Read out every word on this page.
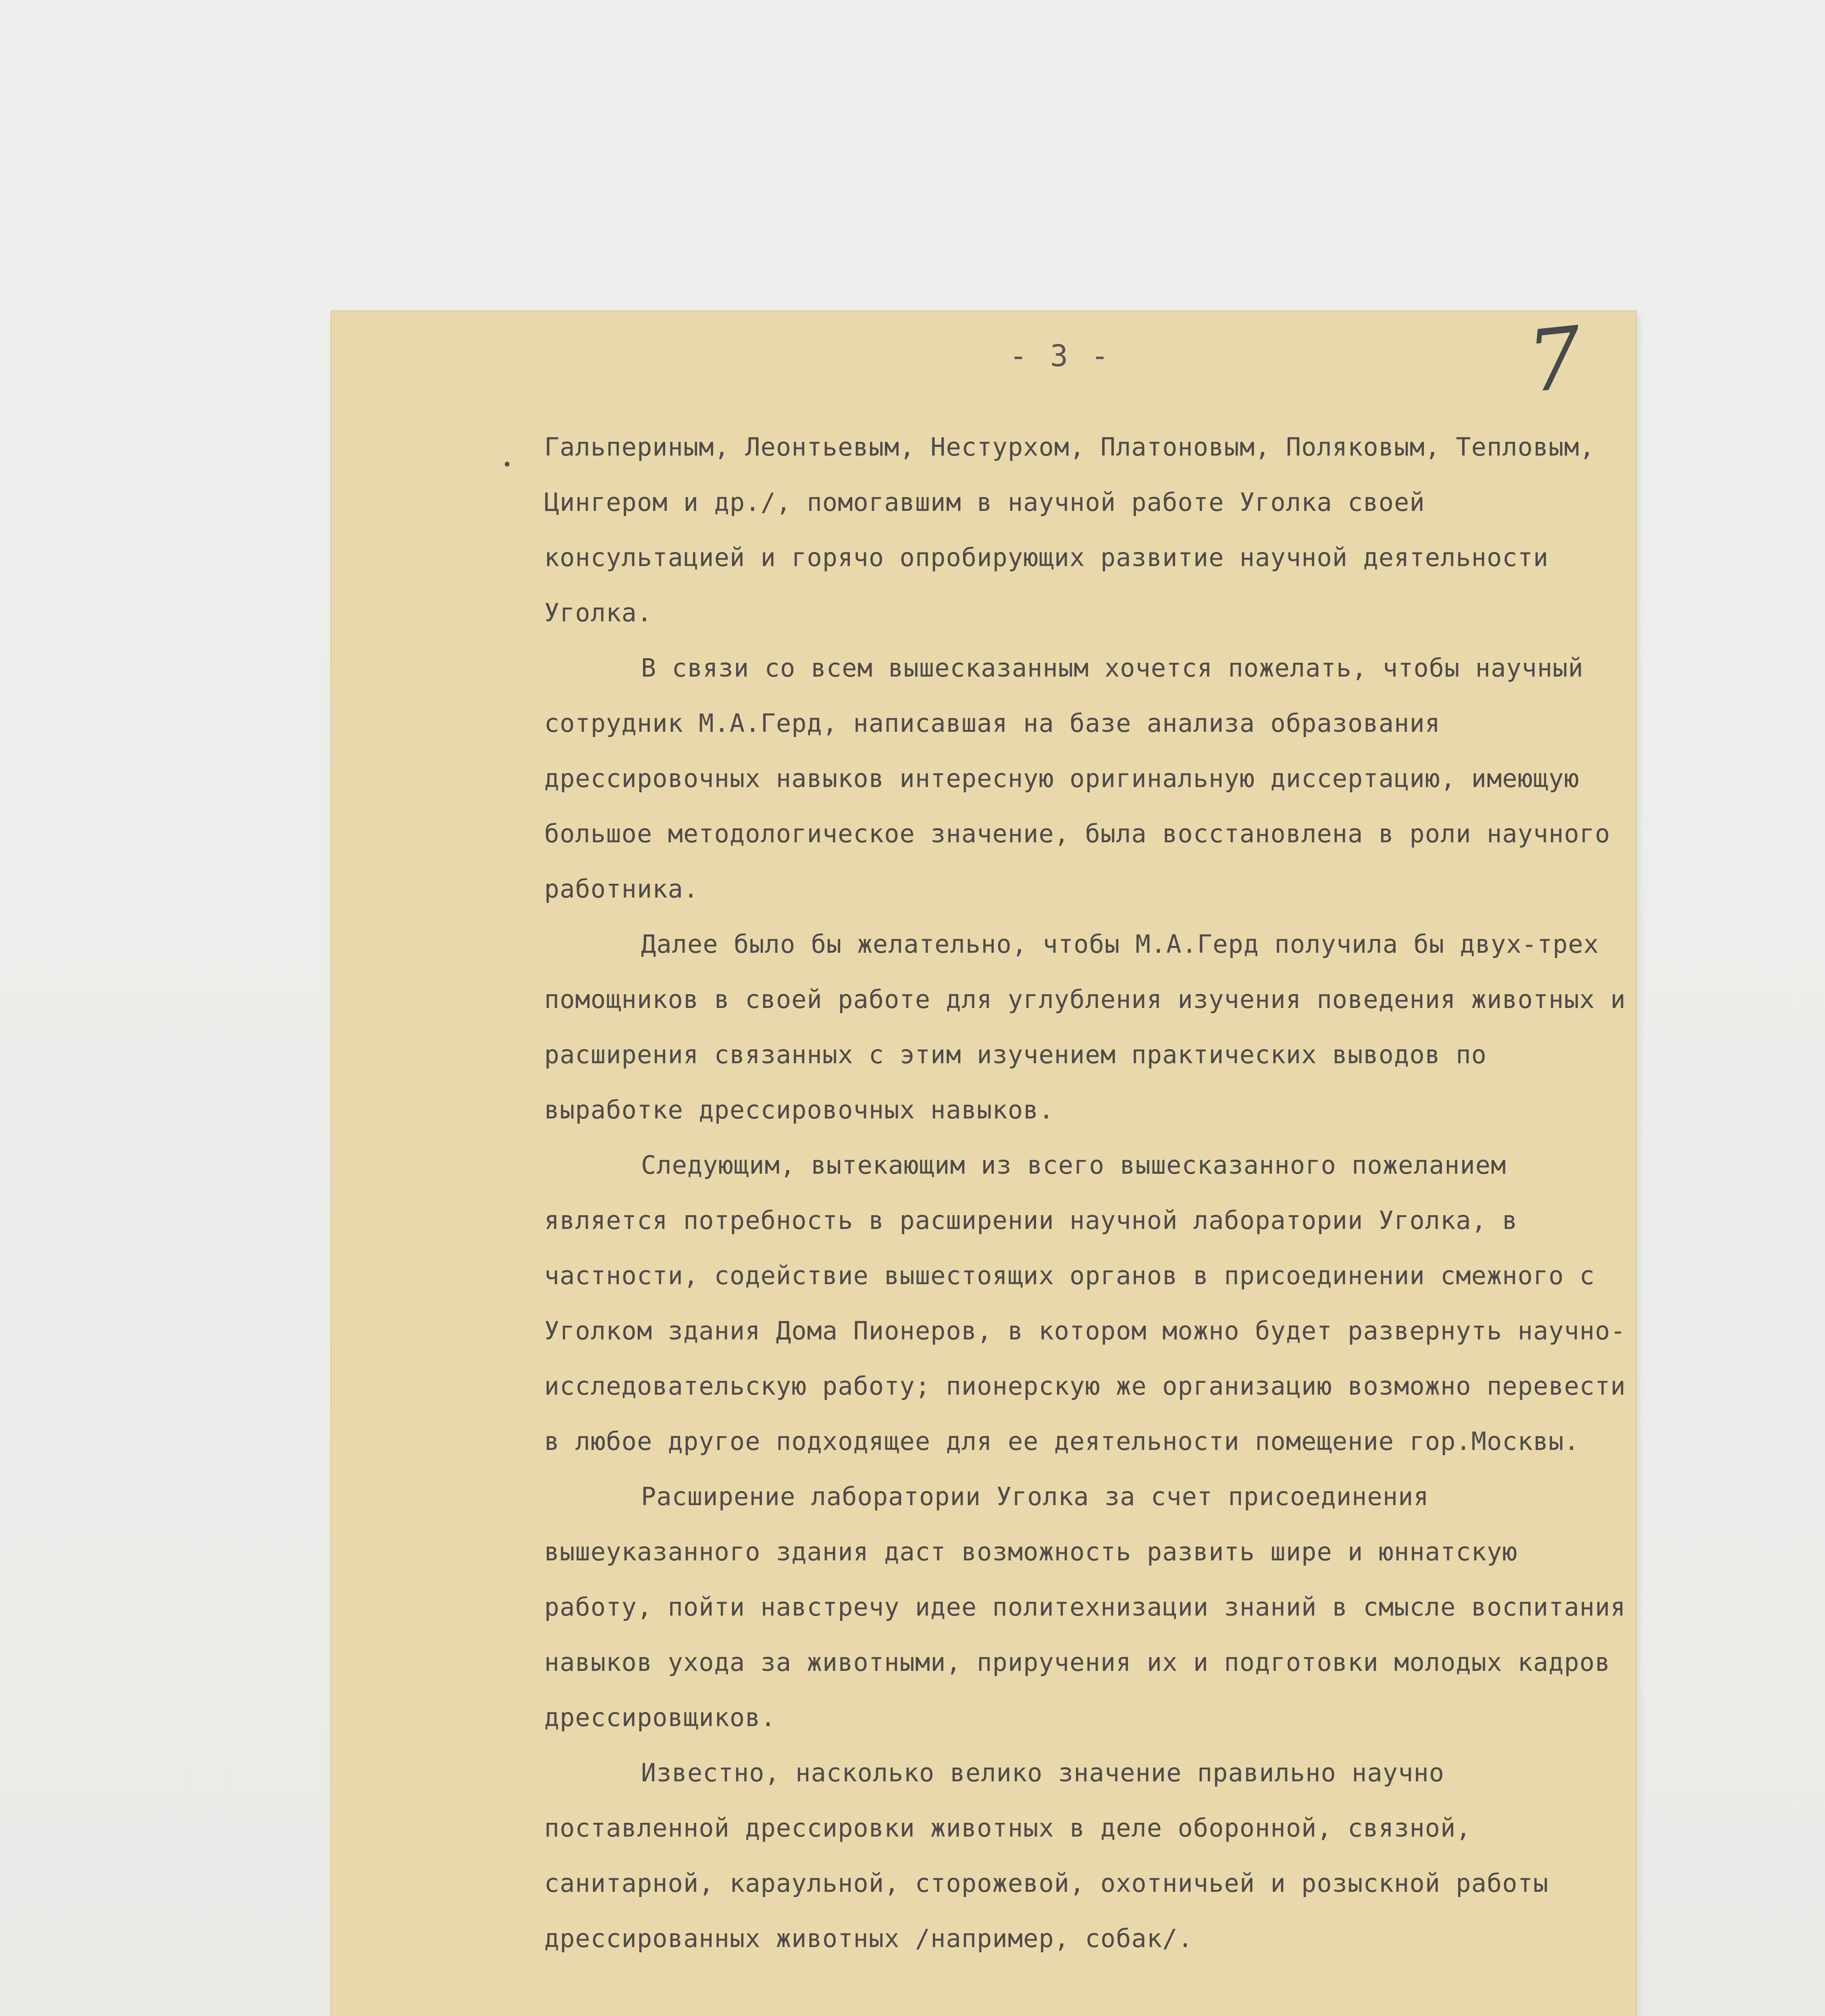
- 3 -	7

Гальпериным, Леонтьевым, Нестурхом, Платоновым, Поляковым, Тепловым, Цингером и др./, помогавшим в научной работе Уголка своей консультацией и горячо опробирующих развитие научной деятельности Уголка.

В связи со всем вышесказанным хочется пожелать, чтобы научный сотрудник М.А.Герд, написавшая на базе анализа образования дрессировочных навыков интересную оригинальную диссертацию, имеющую большое методологическое значение, была восстановлена в роли научного работника.

Далее было бы желательно, чтобы М.А.Герд получила бы двух-трех помощников в своей работе для углубления изучения поведения животных и расширения связанных с этим изучением практических выводов по выработке дрессировочных навыков.

Следующим, вытекающим из всего вышесказанного пожеланием является потребность в расширении научной лаборатории Уголка, в частности, содействие вышестоящих органов в присоединении смежного с Уголком здания Дома Пионеров, в котором можно будет развернуть научно-исследовательскую работу; пионерскую же организацию возможно перевести в любое другое подходящее для ее деятельности помещение гор.Москвы.

Расширение лаборатории Уголка за счет присоединения вышеуказанного здания даст возможность развить шире и юннатскую работу, пойти навстречу идее политехнизации знаний в смысле воспитания навыков ухода за животными, приручения их и подготовки молодых кадров дрессировщиков.

Известно, насколько велико значение правильно научно поставленной дрессировки животных в деле оборонной, связной, санитарной, караульной, сторожевой, охотничьей и розыскной работы дрессированных животных /например, собак/.
